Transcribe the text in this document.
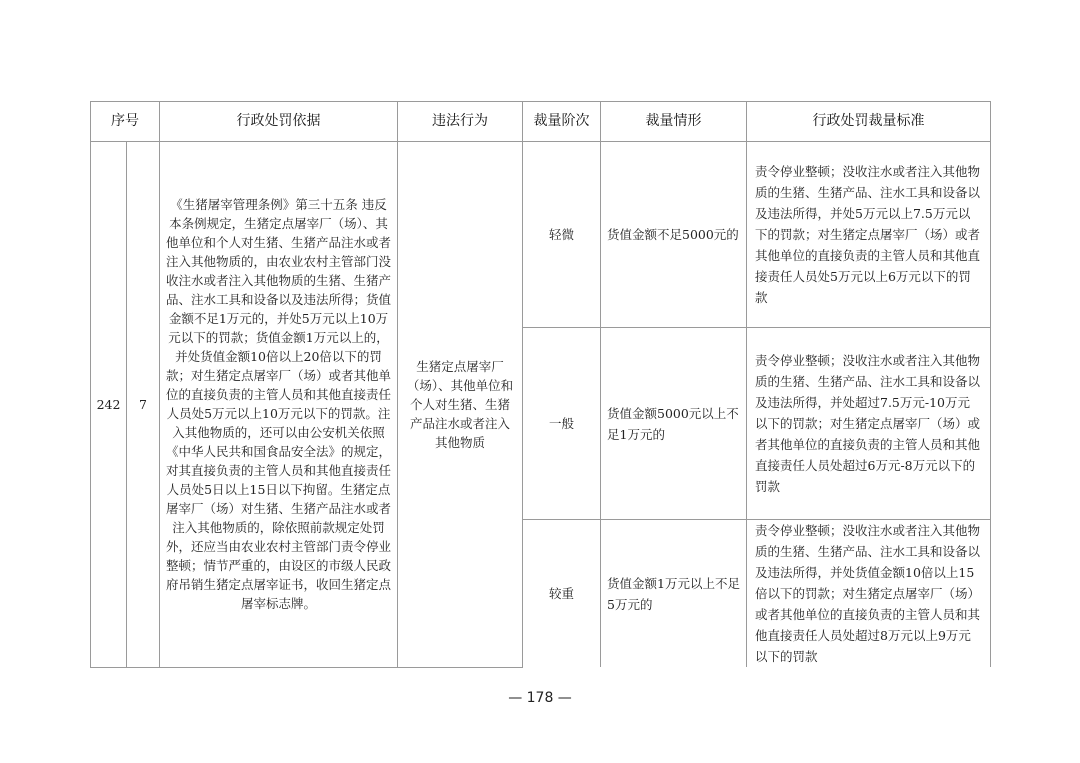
序号		行政处罚依据	违法行为	裁量阶次	裁量情形	行政处罚裁量标准
242	7	《生猪屠宰管理条例》第三十五条 违反本条例规定，生猪定点屠宰厂（场）、其他单位和个人对生猪、生猪产品注水或者注入其他物质的，由农业农村主管部门没收注水或者注入其他物质的生猪、生猪产品、注水工具和设备以及违法所得；货值金额不足1万元的，并处5万元以上10万元以下的罚款；货值金额1万元以上的，并处货值金额10倍以上20倍以下的罚款；对生猪定点屠宰厂（场）或者其他单位的直接负责的主管人员和其他直接责任人员处5万元以上10万元以下的罚款。注入其他物质的，还可以由公安机关依照《中华人民共和国食品安全法》的规定，对其直接负责的主管人员和其他直接责任人员处5日以上15日以下拘留。生猪定点屠宰厂（场）对生猪、生猪产品注水或者注入其他物质的，除依照前款规定处罚外，还应当由农业农村主管部门责令停业整顿；情节严重的，由设区的市级人民政府吊销生猪定点屠宰证书，收回生猪定点屠宰标志牌。	生猪定点屠宰厂（场）、其他单位和个人对生猪、生猪产品注水或者注入其他物质	轻微	货值金额不足5000元的	责令停业整顿；没收注水或者注入其他物质的生猪、生猪产品、注水工具和设备以及违法所得，并处5万元以上7.5万元以下的罚款；对生猪定点屠宰厂（场）或者其他单位的直接负责的主管人员和其他直接责任人员处5万元以上6万元以下的罚款
				一般	货值金额5000元以上不足1万元的	责令停业整顿；没收注水或者注入其他物质的生猪、生猪产品、注水工具和设备以及违法所得，并处超过7.5万元-10万元以下的罚款；对生猪定点屠宰厂（场）或者其他单位的直接负责的主管人员和其他直接责任人员处超过6万元-8万元以下的罚款
				较重	货值金额1万元以上不足5万元的	责令停业整顿；没收注水或者注入其他物质的生猪、生猪产品、注水工具和设备以及违法所得，并处货值金额10倍以上15倍以下的罚款；对生猪定点屠宰厂（场）或者其他单位的直接负责的主管人员和其他直接责任人员处超过8万元以上9万元以下的罚款
— 178 —
